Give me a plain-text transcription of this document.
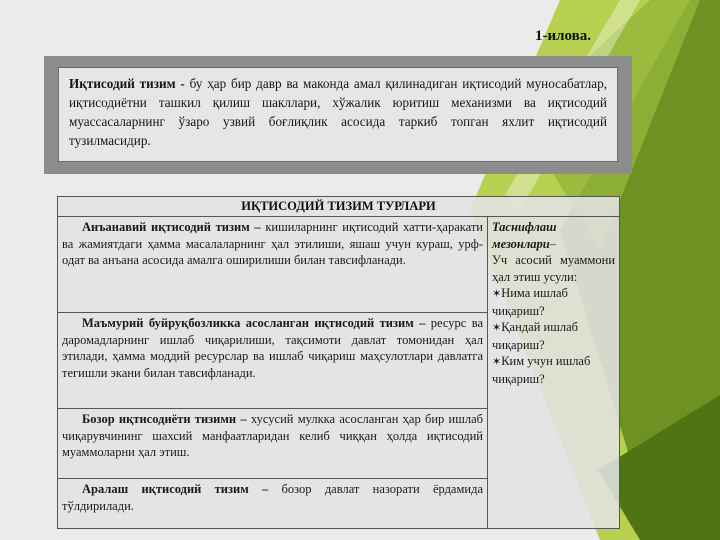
1-илова.
Иқтисодий тизим - бу ҳар бир давр ва маконда амал қилинадиган иқтисодий муносабатлар, иқтисодиётни ташкил қилиш шакллари, хўжалик юритиш механизми ва иқтисодий муассасаларнинг ўзаро узвий боғлиқлик асосида таркиб топган яхлит иқтисодий тузилмасидир.
ИҚТИСОДИЙ ТИЗИМ ТУРЛАРИ
Анъанавий иқтисодий тизим – кишиларнинг иқтисодий хатти-ҳаракати ва жамиятдаги ҳамма масалаларнинг ҳал этилиши, яшаш учун кураш, урф-одат ва анъана асосида амалга оширилиши билан тавсифланади.	
Таснифлаш мезонлари–
Уч асосий муаммони ҳал этиш усули:
✶Нима ишлаб чиқариш?
✶Қандай ишлаб чиқариш?
✶Ким учун ишлаб чиқариш?

Маъмурий буйруқбозликка асосланган иқтисодий тизим – ресурс ва даромадларнинг ишлаб чиқарилиши, тақсимоти давлат томонидан ҳал этилади, ҳамма моддий ресурслар ва ишлаб чиқариш маҳсулотлари давлатга тегишли экани билан тавсифланади.
Бозор иқтисодиёти тизими – хусусий мулкка асосланган ҳар бир ишлаб чиқарувчининг шахсий манфаатларидан келиб чиққан ҳолда иқтисодий муаммоларни ҳал этиш.
Аралаш иқтисодий тизим – бозор давлат назорати ёрдамида тўлдирилади.
